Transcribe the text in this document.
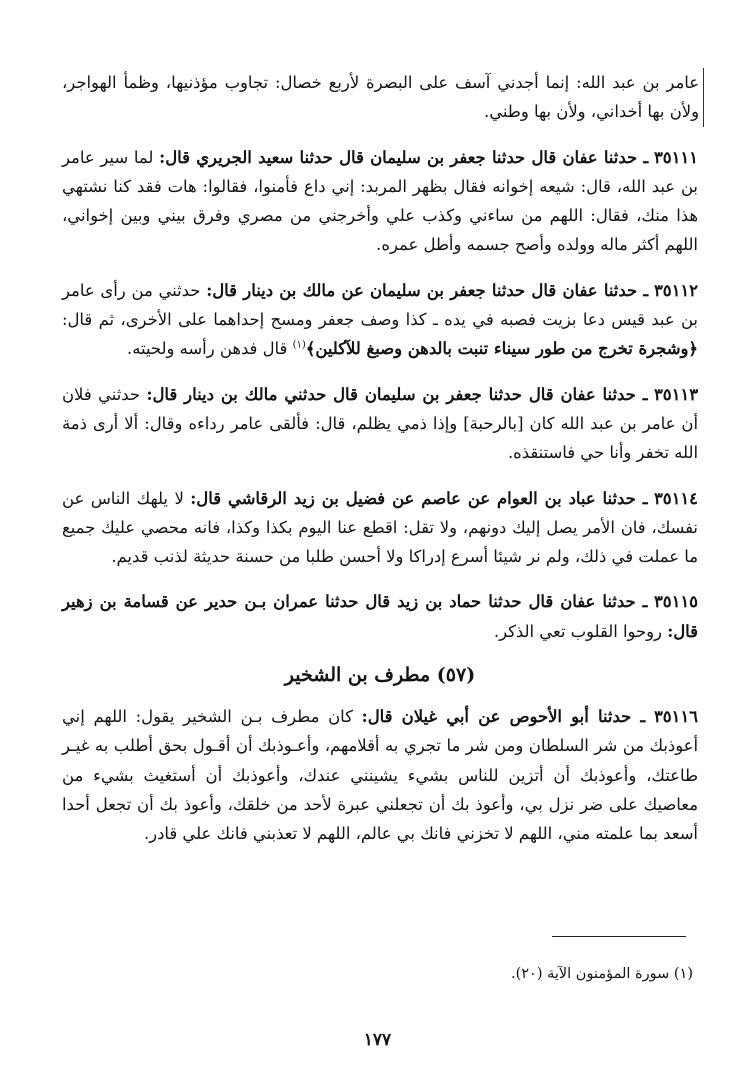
عامر بن عبد الله: إنما أجدني آسف على البصرة لأربع خصال: تجاوب مؤذنيها، وظمأ الهواجر، ولأن بها أخداني، ولأن بها وطني.

٣٥١١١ ـ حدثنا عفان قال حدثنا جعفر بن سليمان قال حدثنا سعيد الجريري قال: لما سير عامر بن عبد الله، قال: شيعه إخوانه فقال بظهر المربد: إني داع فأمنوا، فقالوا: هات فقد كنا نشتهي هذا منك، فقال: اللهم من ساءني وكذب علي وأخرجني من مصري وفرق بيني وبين إخواني، اللهم أكثر ماله وولده وأصح جسمه وأطل عمره.

٣٥١١٢ ـ حدثنا عفان قال حدثنا جعفر بن سليمان عن مالك بن دينار قال: حدثني من رأى عامر بن عبد قيس دعا بزيت فصبه في يده ـ كذا وصف جعفر ومسح إحداهما على الأخرى، ثم قال: ﴿وشجرة تخرج من طور سيناء تنبت بالدهن وصبغ للآكلين﴾$^{(١)}$ قال فدهن رأسه ولحيته.

٣٥١١٣ ـ حدثنا عفان قال حدثنا جعفر بن سليمان قال حدثني مالك بن دينار قال: حدثني فلان أن عامر بن عبد الله كان [بالرحبة] وإذا ذمي يظلم، قال: فألقى عامر رداءه وقال: ألا أرى ذمة الله تخفر وأنا حي فاستنقذه.

٣٥١١٤ ـ حدثنا عباد بن العوام عن عاصم عن فضيل بن زيد الرقاشي قال: لا يلهك الناس عن نفسك، فان الأمر يصل إليك دونهم، ولا تقل: اقطع عنا اليوم بكذا وكذا، فانه محصي عليك جميع ما عملت في ذلك، ولم نر شيئا أسرع إدراكا ولا أحسن طلبا من حسنة حديثة لذنب قديم.

٣٥١١٥ ـ حدثنا عفان قال حدثنا حماد بن زيد قال حدثنا عمران بـن حدير عن قسامة بن زهير قال: روحوا القلوب تعي الذكر.

(٥٧) مطرف بن الشخير

٣٥١١٦ ـ حدثنا أبو الأحوص عن أبي غيلان قال: كان مطرف بـن الشخير يقول: اللهم إني أعوذبك من شر السلطان ومن شر ما تجري به أقلامهم، وأعـوذبك أن أقـول بحق أطلب به غيـر طاعتك، وأعوذبك أن أتزين للناس بشيء يشينني عندك، وأعوذبك أن أستغيث بشيء من معاصيك على ضر نزل بي، وأعوذ بك أن تجعلني عبرة لأحد من خلقك، وأعوذ بك أن تجعل أحدا أسعد بما علمته مني، اللهم لا تخزني فانك بي عالم، اللهم لا تعذبني فانك علي قادر.

(١) سورة المؤمنون الآية (٢٠).
١٧٧
